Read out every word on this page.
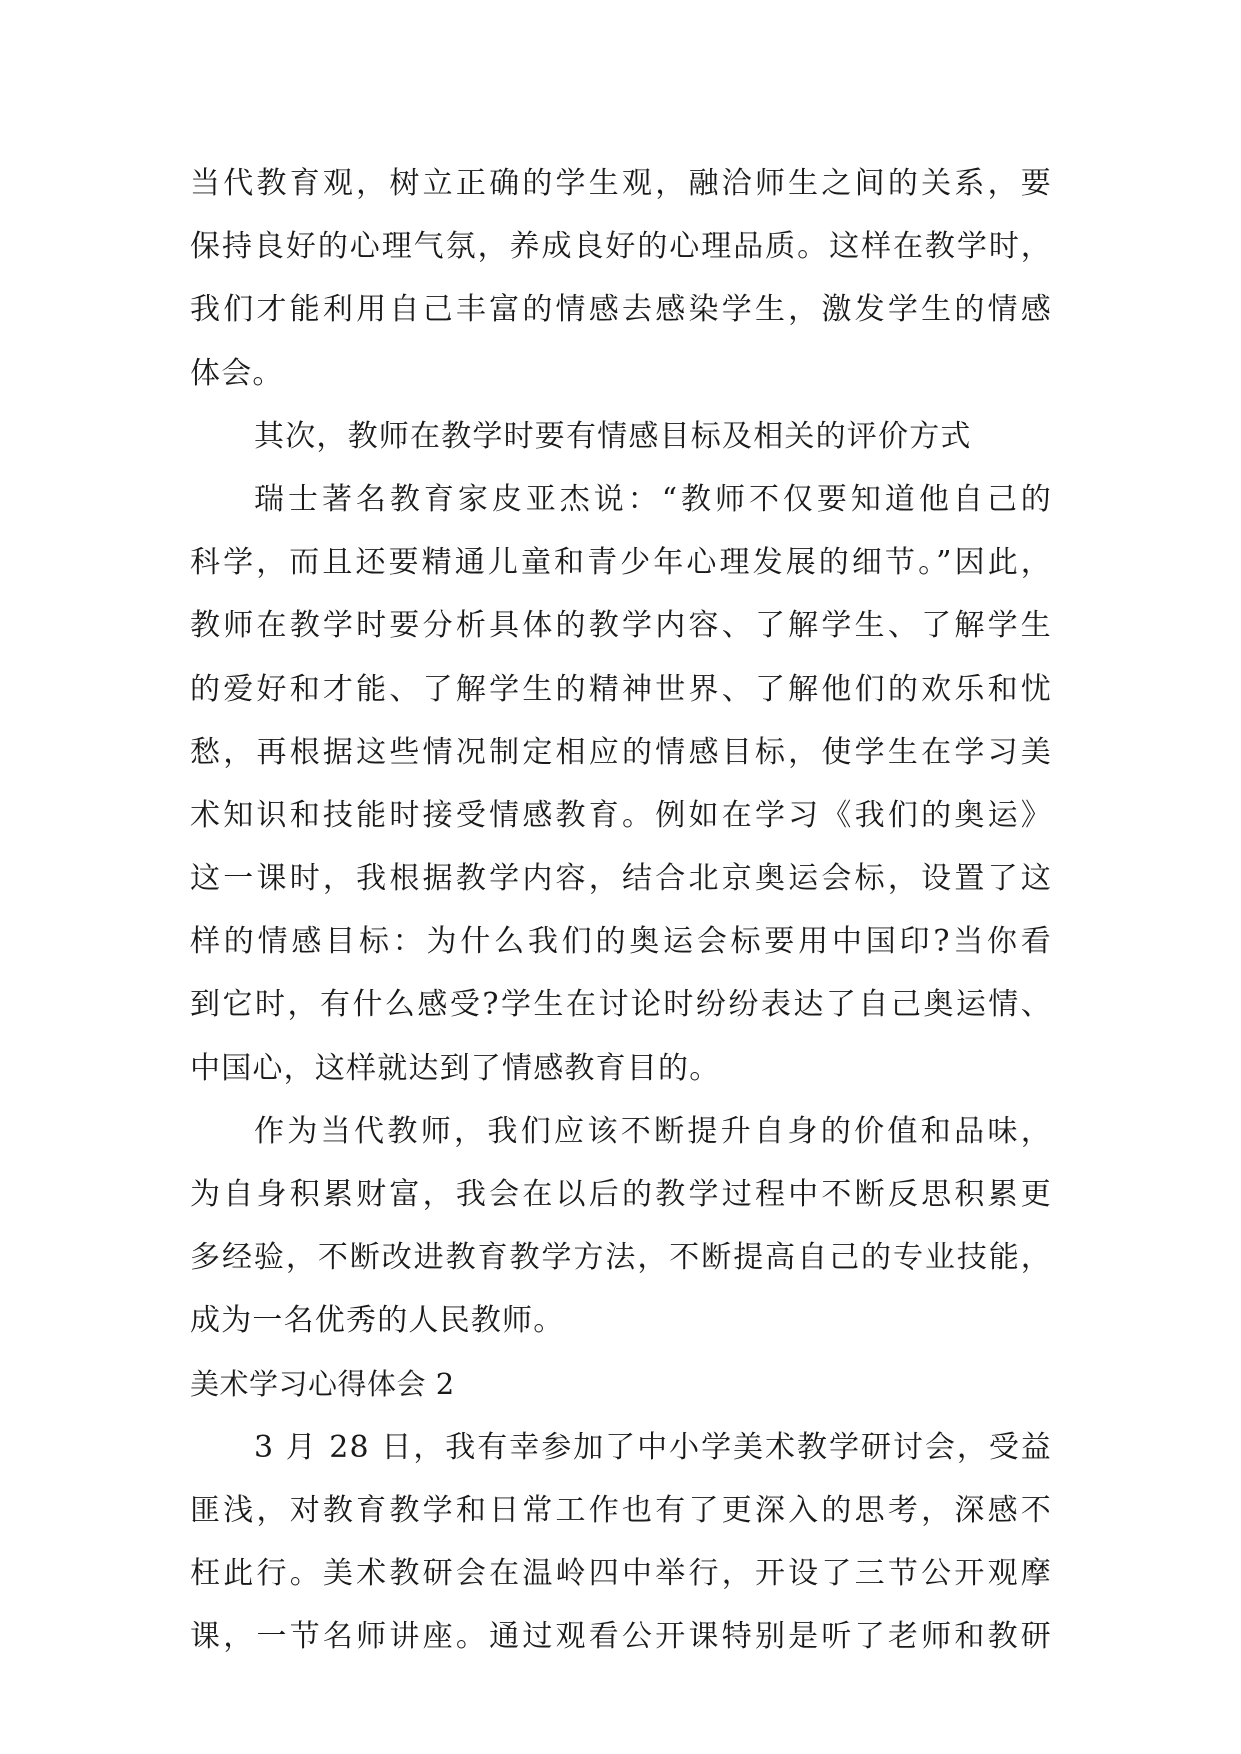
当代教育观，树立正确的学生观，融洽师生之间的关系，要
保持良好的心理气氛，养成良好的心理品质。这样在教学时，
我们才能利用自己丰富的情感去感染学生，激发学生的情感
体会。
其次，教师在教学时要有情感目标及相关的评价方式
瑞士著名教育家皮亚杰说：“教师不仅要知道他自己的
科学，而且还要精通儿童和青少年心理发展的细节。”因此，
教师在教学时要分析具体的教学内容、了解学生、了解学生
的爱好和才能、了解学生的精神世界、了解他们的欢乐和忧
愁，再根据这些情况制定相应的情感目标，使学生在学习美
术知识和技能时接受情感教育。例如在学习《我们的奥运》
这一课时，我根据教学内容，结合北京奥运会标，设置了这
样的情感目标：为什么我们的奥运会标要用中国印?当你看
到它时，有什么感受?学生在讨论时纷纷表达了自己奥运情、
中国心，这样就达到了情感教育目的。
作为当代教师，我们应该不断提升自身的价值和品味，
为自身积累财富，我会在以后的教学过程中不断反思积累更
多经验，不断改进教育教学方法，不断提高自己的专业技能，
成为一名优秀的人民教师。
美术学习心得体会 2
3 月 28 日，我有幸参加了中小学美术教学研讨会，受益
匪浅，对教育教学和日常工作也有了更深入的思考，深感不
枉此行。美术教研会在温岭四中举行，开设了三节公开观摩
课，一节名师讲座。通过观看公开课特别是听了老师和教研
